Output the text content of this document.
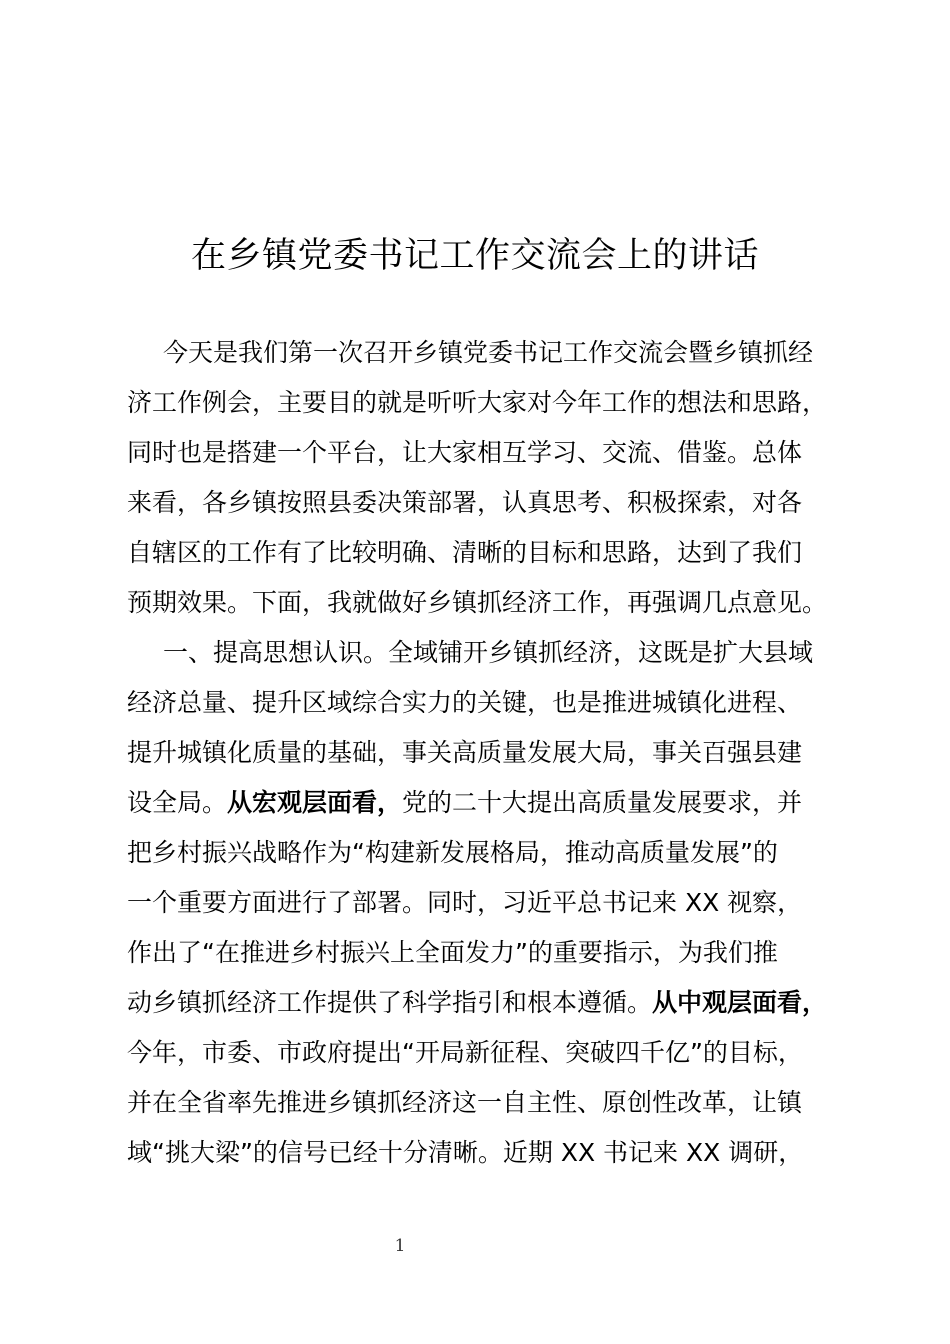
在乡镇党委书记工作交流会上的讲话
今天是我们第一次召开乡镇党委书记工作交流会暨乡镇抓经
济工作例会，主要目的就是听听大家对今年工作的想法和思路，
同时也是搭建一个平台，让大家相互学习、交流、借鉴。总体
来看，各乡镇按照县委决策部署，认真思考、积极探索，对各
自辖区的工作有了比较明确、清晰的目标和思路，达到了我们
预期效果。下面，我就做好乡镇抓经济工作，再强调几点意见。
一、提高思想认识。全域铺开乡镇抓经济，这既是扩大县域
经济总量、提升区域综合实力的关键，也是推进城镇化进程、
提升城镇化质量的基础，事关高质量发展大局，事关百强县建
设全局。从宏观层面看，党的二十大提出高质量发展要求，并
把乡村振兴战略作为“构建新发展格局，推动高质量发展”的
一个重要方面进行了部署。同时，习近平总书记来 XX 视察，
作出了“在推进乡村振兴上全面发力”的重要指示，为我们推
动乡镇抓经济工作提供了科学指引和根本遵循。从中观层面看，
今年，市委、市政府提出“开局新征程、突破四千亿”的目标，
并在全省率先推进乡镇抓经济这一自主性、原创性改革，让镇
域“挑大梁”的信号已经十分清晰。近期 XX 书记来 XX 调研，
1
